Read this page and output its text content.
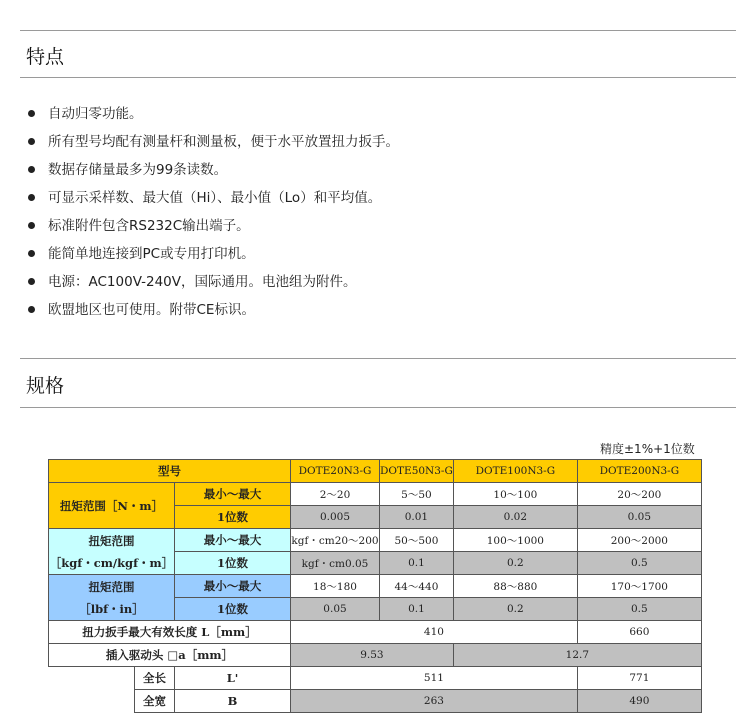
特点
自动归零功能。
所有型号均配有测量杆和测量板，便于水平放置扭力扳手。
数据存储量最多为99条读数。
可显示采样数、最大值（Hi）、最小值（Lo）和平均值。
标准附件包含RS232C输出端子。
能简单地连接到PC或专用打印机。
电源：AC100V-240V，国际通用。电池组为附件。
欧盟地区也可使用。附带CE标识。
规格
精度±1%+1位数
型号			DOTE20N3-G	DOTE50N3-G	DOTE100N3-G	DOTE200N3-G
扭矩范围［N・m］		最小～最大	2～20	5～50	10～100	20～200
		1位数	0.005	0.01	0.02	0.05

扭矩范围
［kgf・cm/kgf・m］		最小～最大	kgf・cm20～200	50～500	100～1000	200～2000
		1位数	kgf・cm0.05	0.1	0.2	0.5

扭矩范围
［lbf・in］		最小～最大	18～180	44～440	88～880	170～1700
		1位数	0.05	0.1	0.2	0.5
扭力扳手最大有效长度 L［mm］			410			660
插入驱动头 □a［mm］			9.53		12.7	
	全长	L'	511			771
	全宽	B	263			490
